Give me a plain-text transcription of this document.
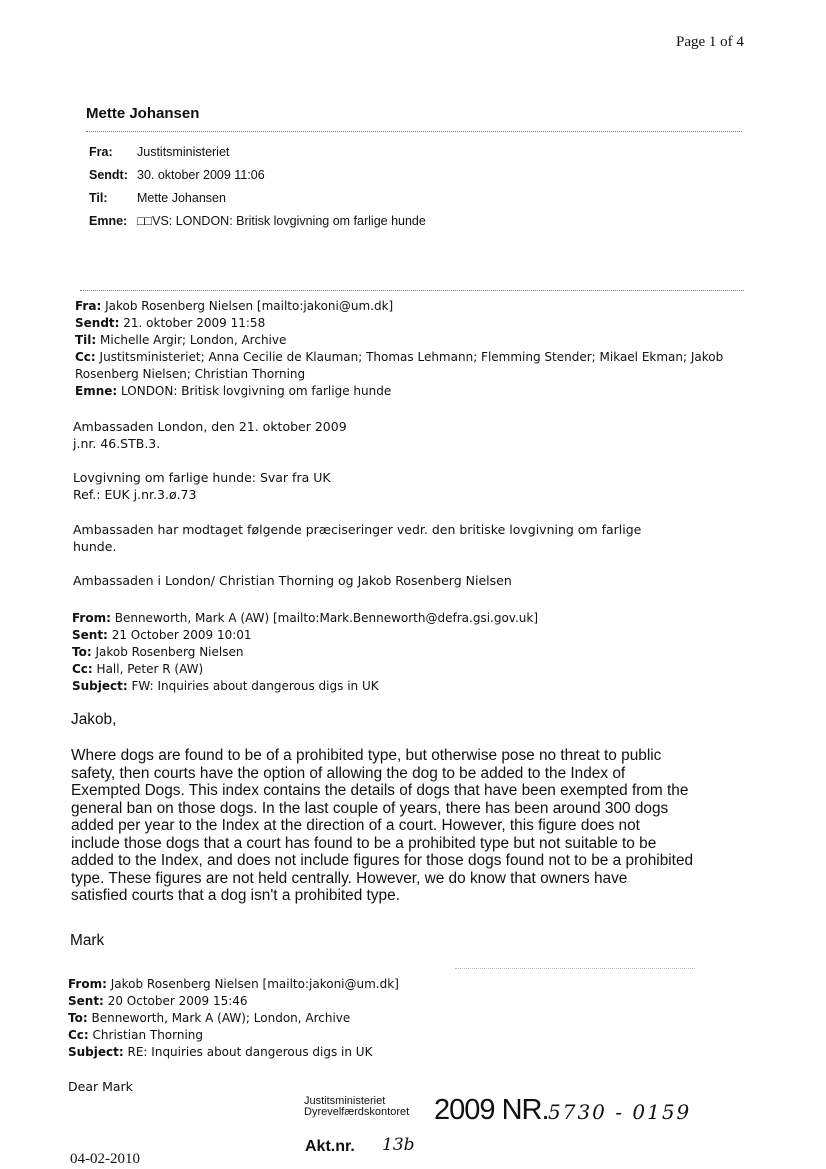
Page 1 of 4
Mette Johansen
Fra: Justitsministeriet
Sendt: 30. oktober 2009 11:06
Til: Mette Johansen
Emne: □□VS: LONDON: Britisk lovgivning om farlige hunde
Fra: Jakob Rosenberg Nielsen [mailto:jakoni@um.dk]
Sendt: 21. oktober 2009 11:58
Til: Michelle Argir; London, Archive
Cc: Justitsministeriet; Anna Cecilie de Klauman; Thomas Lehmann; Flemming Stender; Mikael Ekman; Jakob
Rosenberg Nielsen; Christian Thorning
Emne: LONDON: Britisk lovgivning om farlige hunde

Ambassaden London, den 21. oktober 2009

j.nr. 46.STB.3.

Lovgivning om farlige hunde: Svar fra UK

Ref.: EUK j.nr.3.ø.73

Ambassaden har modtaget følgende præciseringer vedr. den britiske lovgivning om farlige

hunde.

Ambassaden i London/ Christian Thorning og Jakob Rosenberg Nielsen
From: Benneworth, Mark A (AW) [mailto:Mark.Benneworth@defra.gsi.gov.uk]
Sent: 21 October 2009 10:01
To: Jakob Rosenberg Nielsen
Cc: Hall, Peter R (AW)
Subject: FW: Inquiries about dangerous digs in UK
Jakob,

Where dogs are found to be of a prohibited type, but otherwise pose no threat to public

safety, then courts have the option of allowing the dog to be added to the Index of

Exempted Dogs. This index contains the details of dogs that have been exempted from the

general ban on those dogs. In the last couple of years, there has been around 300 dogs

added per year to the Index at the direction of a court. However, this figure does not

include those dogs that a court has found to be a prohibited type but not suitable to be

added to the Index, and does not include figures for those dogs found not to be a prohibited

type. These figures are not held centrally. However, we do know that owners have

satisfied courts that a dog isn't a prohibited type.

Mark
From: Jakob Rosenberg Nielsen [mailto:jakoni@um.dk]
Sent: 20 October 2009 15:46
To: Benneworth, Mark A (AW); London, Archive
Cc: Christian Thorning
Subject: RE: Inquiries about dangerous digs in UK
Dear Mark
Justitsministeriet
Dyrevelfærdskontoret 2009 NR. 5730 - 0159
Akt.nr. 13b
04-02-2010
